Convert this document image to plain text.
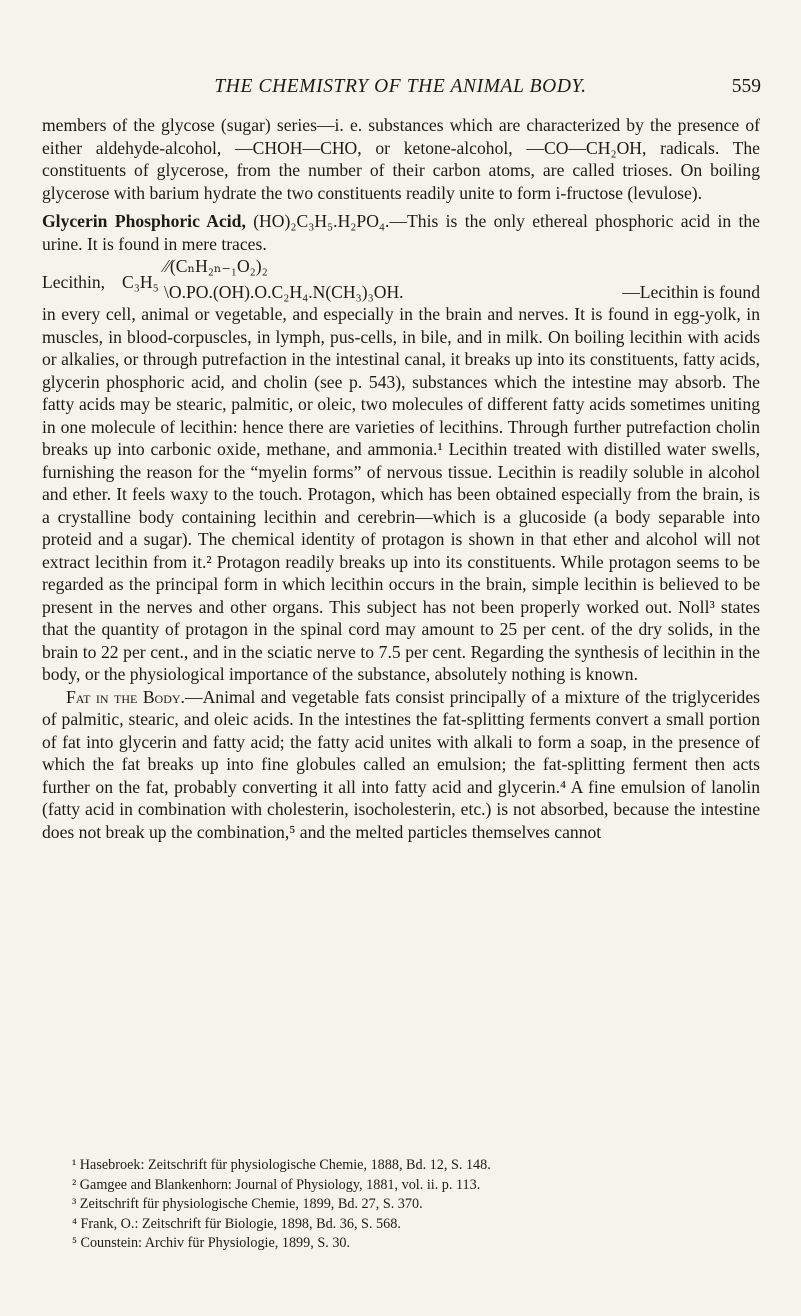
THE CHEMISTRY OF THE ANIMAL BODY.	559

members of the glycose (sugar) series—i. e. substances which are characterized by the presence of either aldehyde-alcohol, —CHOH—CHO, or ketone-alcohol, —CO—CH₂OH, radicals. The constituents of glycerose, from the number of their carbon atoms, are called trioses. On boiling glycerose with barium hydrate the two constituents readily unite to form i-fructose (levulose).

Glycerin Phosphoric Acid, (HO)₂C₃H₅.H₂PO₄.—This is the only ethereal phosphoric acid in the urine. It is found in mere traces.

Lecithin, C₃H₅
⁄⁄(CₙH₂ₙ₋₁O₂)₂
\O.PO.(OH).O.C₂H₄.N(CH₃)₃OH.	—Lecithin is found

in every cell, animal or vegetable, and especially in the brain and nerves. It is found in egg-yolk, in muscles, in blood-corpuscles, in lymph, pus-cells, in bile, and in milk. On boiling lecithin with acids or alkalies, or through putrefaction in the intestinal canal, it breaks up into its constituents, fatty acids, glycerin phosphoric acid, and cholin (see p. 543), substances which the intestine may absorb. The fatty acids may be stearic, palmitic, or oleic, two molecules of different fatty acids sometimes uniting in one molecule of lecithin: hence there are varieties of lecithins. Through further putrefaction cholin breaks up into carbonic oxide, methane, and ammonia.¹ Lecithin treated with distilled water swells, furnishing the reason for the “myelin forms” of nervous tissue. Lecithin is readily soluble in alcohol and ether. It feels waxy to the touch. Protagon, which has been obtained especially from the brain, is a crystalline body containing lecithin and cerebrin—which is a glucoside (a body separable into proteid and a sugar). The chemical identity of protagon is shown in that ether and alcohol will not extract lecithin from it.² Protagon readily breaks up into its constituents. While protagon seems to be regarded as the principal form in which lecithin occurs in the brain, simple lecithin is believed to be present in the nerves and other organs. This subject has not been properly worked out. Noll³ states that the quantity of protagon in the spinal cord may amount to 25 per cent. of the dry solids, in the brain to 22 per cent., and in the sciatic nerve to 7.5 per cent. Regarding the synthesis of lecithin in the body, or the physiological importance of the substance, absolutely nothing is known.

Fat in the Body.—Animal and vegetable fats consist principally of a mixture of the triglycerides of palmitic, stearic, and oleic acids. In the intestines the fat-splitting ferments convert a small portion of fat into glycerin and fatty acid; the fatty acid unites with alkali to form a soap, in the presence of which the fat breaks up into fine globules called an emulsion; the fat-splitting ferment then acts further on the fat, probably converting it all into fatty acid and glycerin.⁴ A fine emulsion of lanolin (fatty acid in combination with cholesterin, isocholesterin, etc.) is not absorbed, because the intestine does not break up the combination,⁵ and the melted particles themselves cannot

¹ Hasebroek: Zeitschrift für physiologische Chemie, 1888, Bd. 12, S. 148.
² Gamgee and Blankenhorn: Journal of Physiology, 1881, vol. ii. p. 113.
³ Zeitschrift für physiologische Chemie, 1899, Bd. 27, S. 370.
⁴ Frank, O.: Zeitschrift für Biologie, 1898, Bd. 36, S. 568.
⁵ Counstein: Archiv für Physiologie, 1899, S. 30.
